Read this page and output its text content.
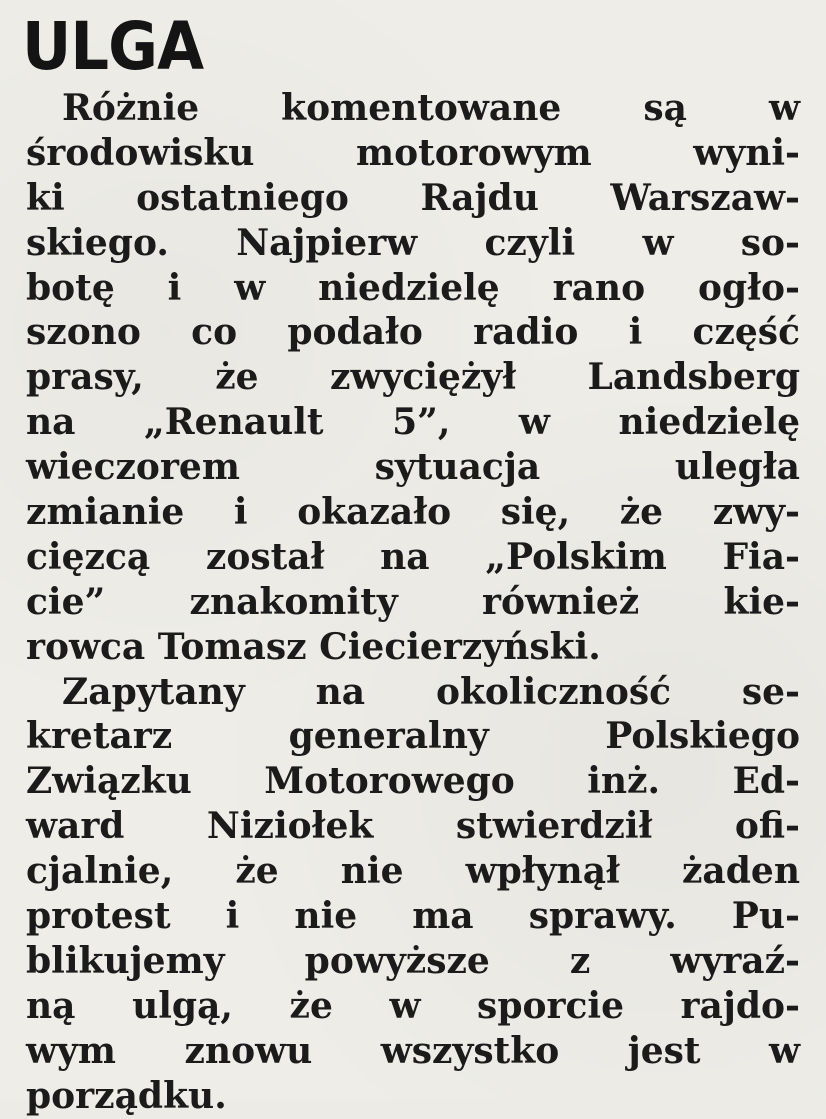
ULGA
Różnie komentowane są w
środowisku motorowym wyni-
ki ostatniego Rajdu Warszaw-
skiego. Najpierw czyli w so-
botę i w niedzielę rano ogło-
szono co podało radio i część
prasy, że zwyciężył Landsberg
na „Renault 5”, w niedzielę
wieczorem sytuacja uległa
zmianie i okazało się, że zwy-
cięzcą został na „Polskim Fia-
cie” znakomity również kie-
rowca Tomasz Ciecierzyński.
Zapytany na okoliczność se-
kretarz generalny Polskiego
Związku Motorowego inż. Ed-
ward Niziołek stwierdził ofi-
cjalnie, że nie wpłynął żaden
protest i nie ma sprawy. Pu-
blikujemy powyższe z wyraź-
ną ulgą, że w sporcie rajdo-
wym znowu wszystko jest w
porządku.
